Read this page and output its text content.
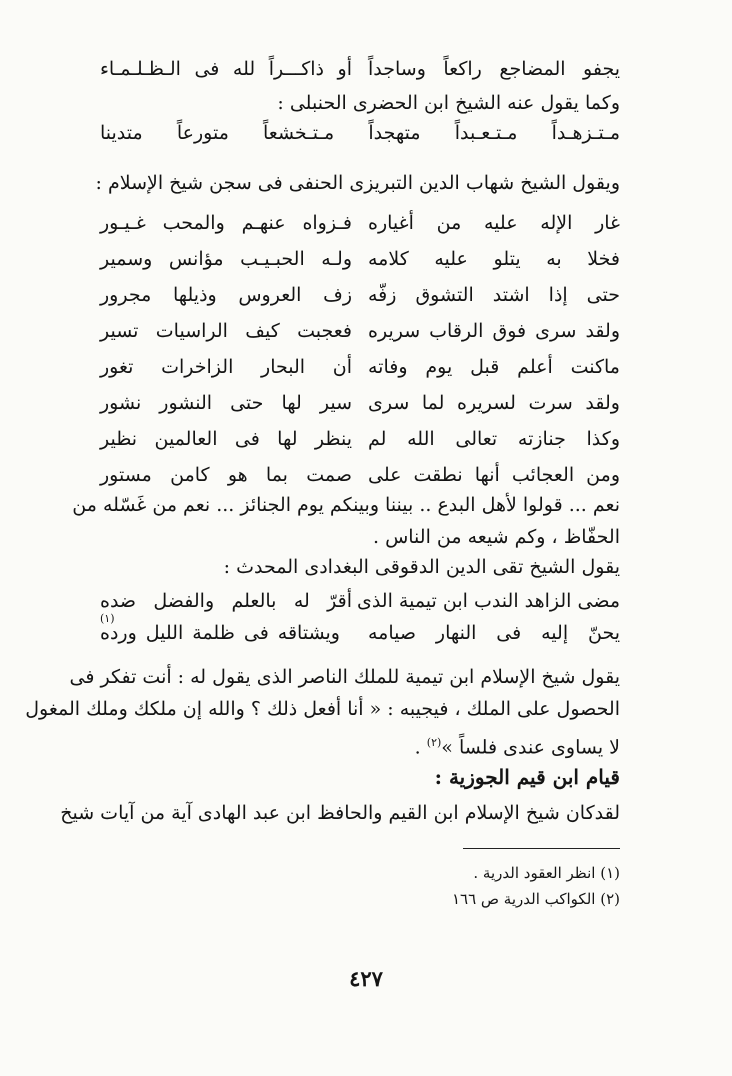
يجفو المضاجع راكعاً وساجداً
أو ذاكـــراً لله فى الـظـلـمـاء
وكما يقول عنه الشيخ ابن الحضرى الحنبلى :
مـتـزهـداً مـتـعـبداً متهجداً مـتـخشعاً متورعاً متدينا
ويقول الشيخ شهاب الدين التبريزى الحنفى فى سجن شيخ الإسلام :
غار الإله عليه من أغياره
فـزواه عنهـم والمحب غـيـور
فخلا به يتلو عليه كلامه
ولـه الحبـيـب مؤانس وسمير
حتى إذا اشتد التشوق زفّه
زف العروس وذيلها مجرور
ولقد سرى فوق الرقاب سريره
فعجبت كيف الراسيات تسير
ماكنت أعلم قبل يوم وفاته
أن البحار الزاخرات تغور
ولقد سرت لسريره لما سرى
سير لها حتى النشور نشور
وكذا جنازته تعالى الله لم
ينظر لها فى العالمين نظير
ومن العجائب أنها نطقت على
صمت بما هو كامن مستور
نعم ... قولوا لأهل البدع .. بيننا وبينكم يوم الجنائز ... نعم من غَسّله من
الحفّاظ ، وكم شيعه من الناس .
يقول الشيخ تقى الدين الدقوقى البغدادى المحدث :
مضى الزاهد الندب ابن تيمية الذى
أقرّ له بالعلم والفضل ضده
يحنّ إليه فى النهار صيامه
ويشتاقه فى ظلمة الليل ورده
(١)
يقول شيخ الإسلام ابن تيمية للملك الناصر الذى يقول له : أنت تفكر فى
الحصول على الملك ، فيجيبه : « أنا أفعل ذلك ؟ والله إن ملكك وملك المغول
لا يساوى عندى فلساً »$^{(٢)}$ .
قيام ابن قيم الجوزية :
لقدكان شيخ الإسلام ابن القيم والحافظ ابن عبد الهادى آية من آيات شيخ
(١) انظر العقود الدرية .
(٢) الكواكب الدرية ص ١٦٦
٤٢٧
